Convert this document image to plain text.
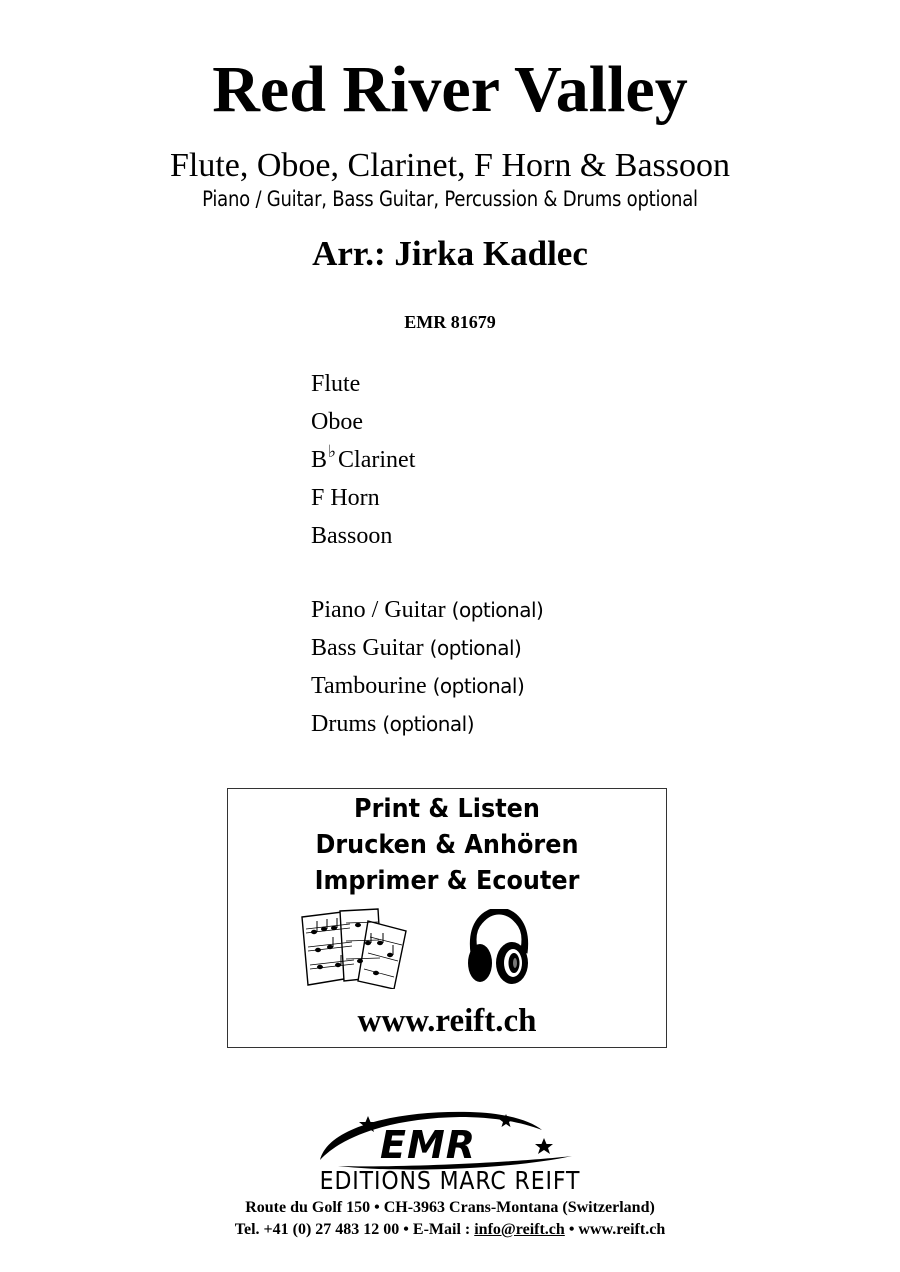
Red River Valley
Flute, Oboe, Clarinet, F Horn & Bassoon
Piano / Guitar, Bass Guitar, Percussion & Drums optional
Arr.: Jirka Kadlec
EMR 81679
Flute
Oboe
B♭Clarinet
F Horn
Bassoon
Piano / Guitar (optional)
Bass Guitar (optional)
Tambourine (optional)
Drums (optional)
Print & Listen
Drucken & Anhören
Imprimer & Ecouter
www.reift.ch
EMR
EDITIONS MARC REIFT
Route du Golf 150 • CH-3963 Crans-Montana (Switzerland)
Tel. +41 (0) 27 483 12 00 • E-Mail : info@reift.ch • www.reift.ch
